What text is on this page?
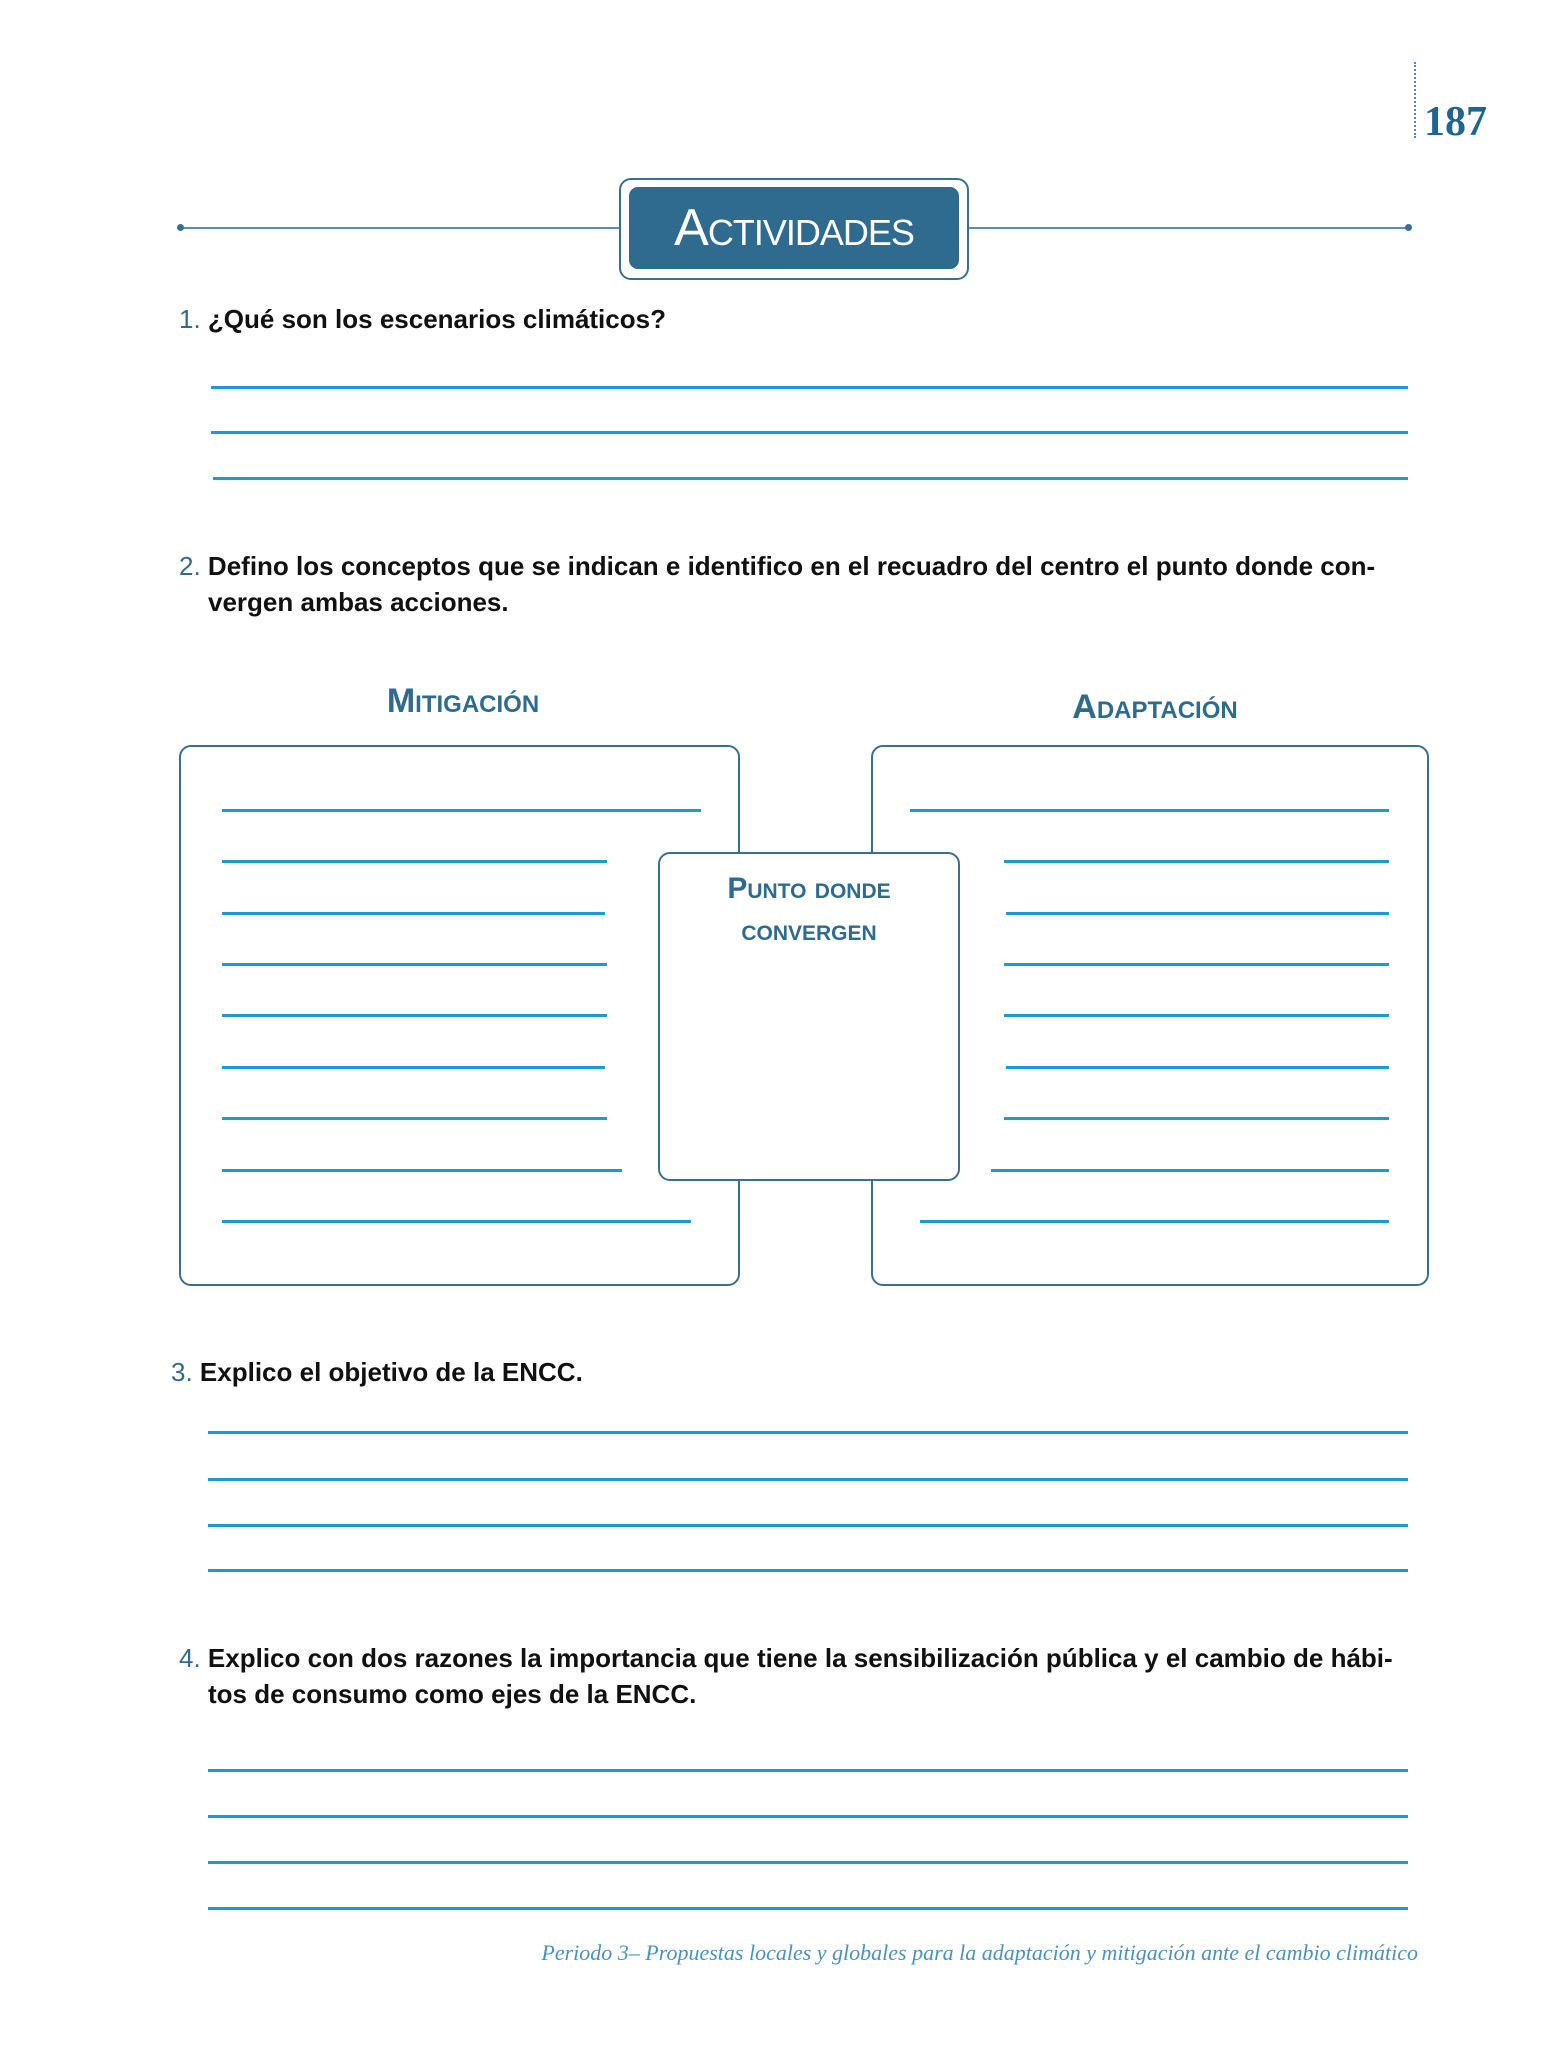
187
Actividades
1. ¿Qué son los escenarios climáticos?
2. Defino los conceptos que se indican e identifico en el recuadro del centro el punto donde con-
vergen ambas acciones.
Mitigación	Adaptación
Punto donde
convergen
3. Explico el objetivo de la ENCC.
4. Explico con dos razones la importancia que tiene la sensibilización pública y el cambio de hábi-
tos de consumo como ejes de la ENCC.
Periodo 3– Propuestas locales y globales para la adaptación y mitigación ante el cambio climático
